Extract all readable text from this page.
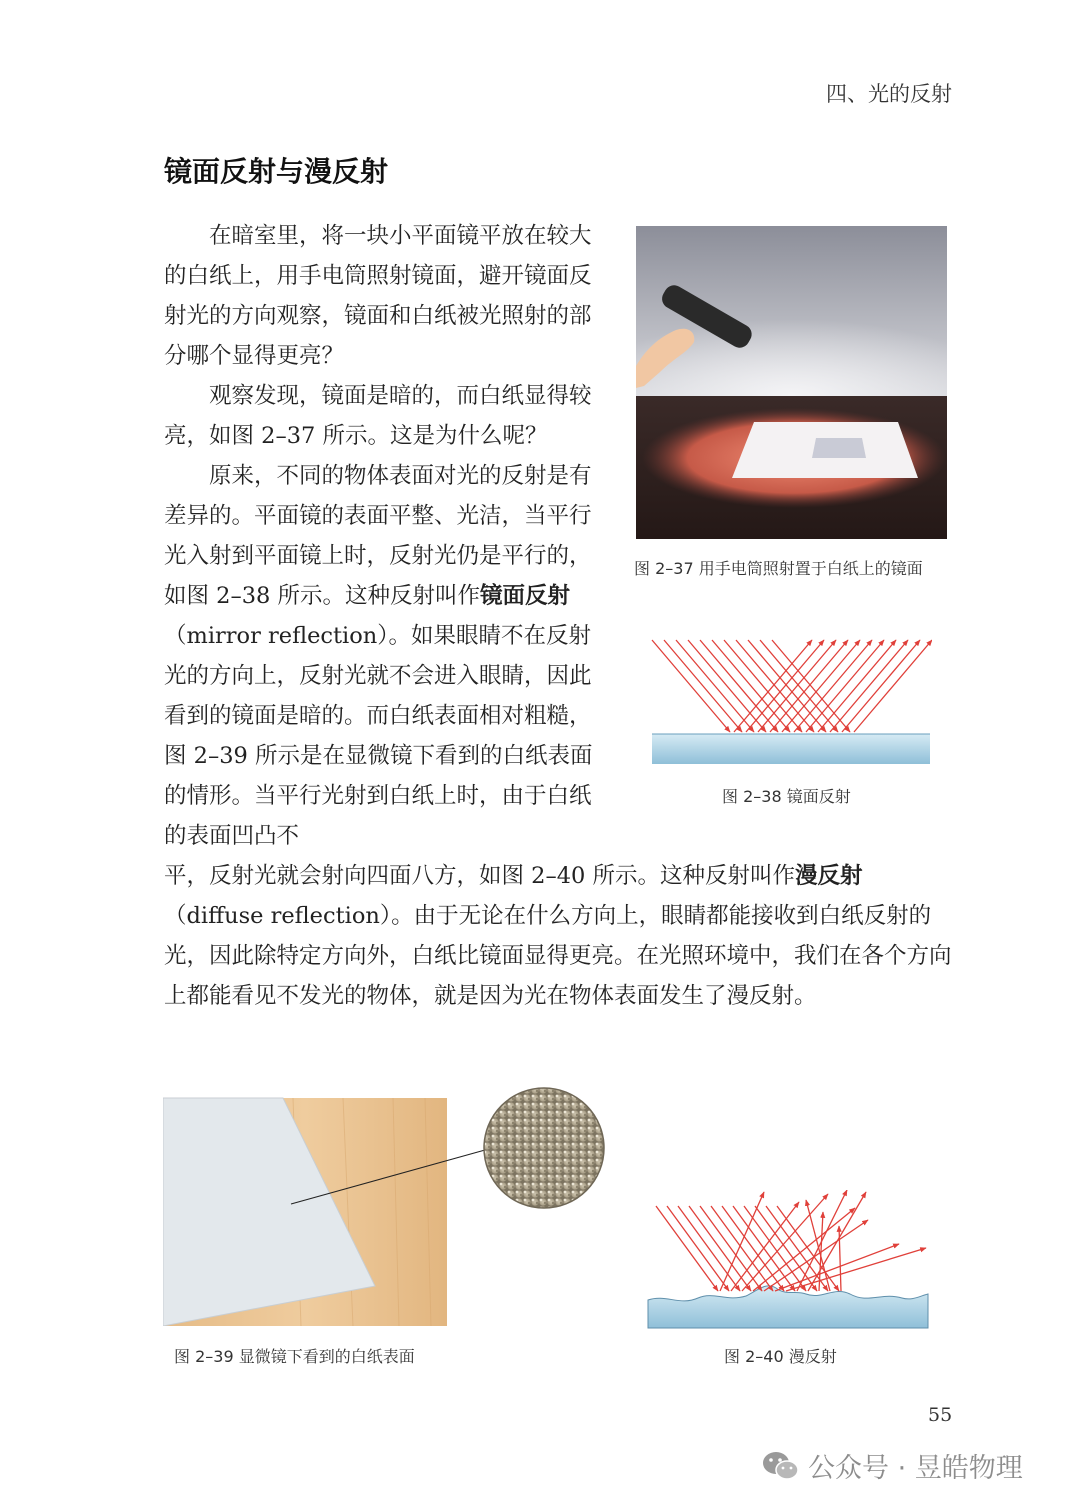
四、光的反射
镜面反射与漫反射

在暗室里，将一块小平面镜平放在较大的白纸上，用手电筒照射镜面，避开镜面反射光的方向观察，镜面和白纸被光照射的部分哪个显得更亮？

观察发现，镜面是暗的，而白纸显得较亮，如图 2–37 所示。这是为什么呢？

原来，不同的物体表面对光的反射是有差异的。平面镜的表面平整、光洁，当平行光入射到平面镜上时，反射光仍是平行的，如图 2–38 所示。这种反射叫作镜面反射（mirror reflection）。如果眼睛不在反射光的方向上，反射光就不会进入眼睛，因此看到的镜面是暗的。而白纸表面相对粗糙，图 2–39 所示是在显微镜下看到的白纸表面的情形。当平行光射到白纸上时，由于白纸的表面凹凸不

平，反射光就会射向四面八方，如图 2–40 所示。这种反射叫作漫反射（diffuse reflection）。由于无论在什么方向上，眼睛都能接收到白纸反射的光，因此除特定方向外，白纸比镜面显得更亮。在光照环境中，我们在各个方向上都能看见不发光的物体，就是因为光在物体表面发生了漫反射。

图 2–37 用手电筒照射置于白纸上的镜面
图 2–38 镜面反射
图 2–39 显微镜下看到的白纸表面	图 2–40 漫反射
55
公众号 · 昱皓物理
